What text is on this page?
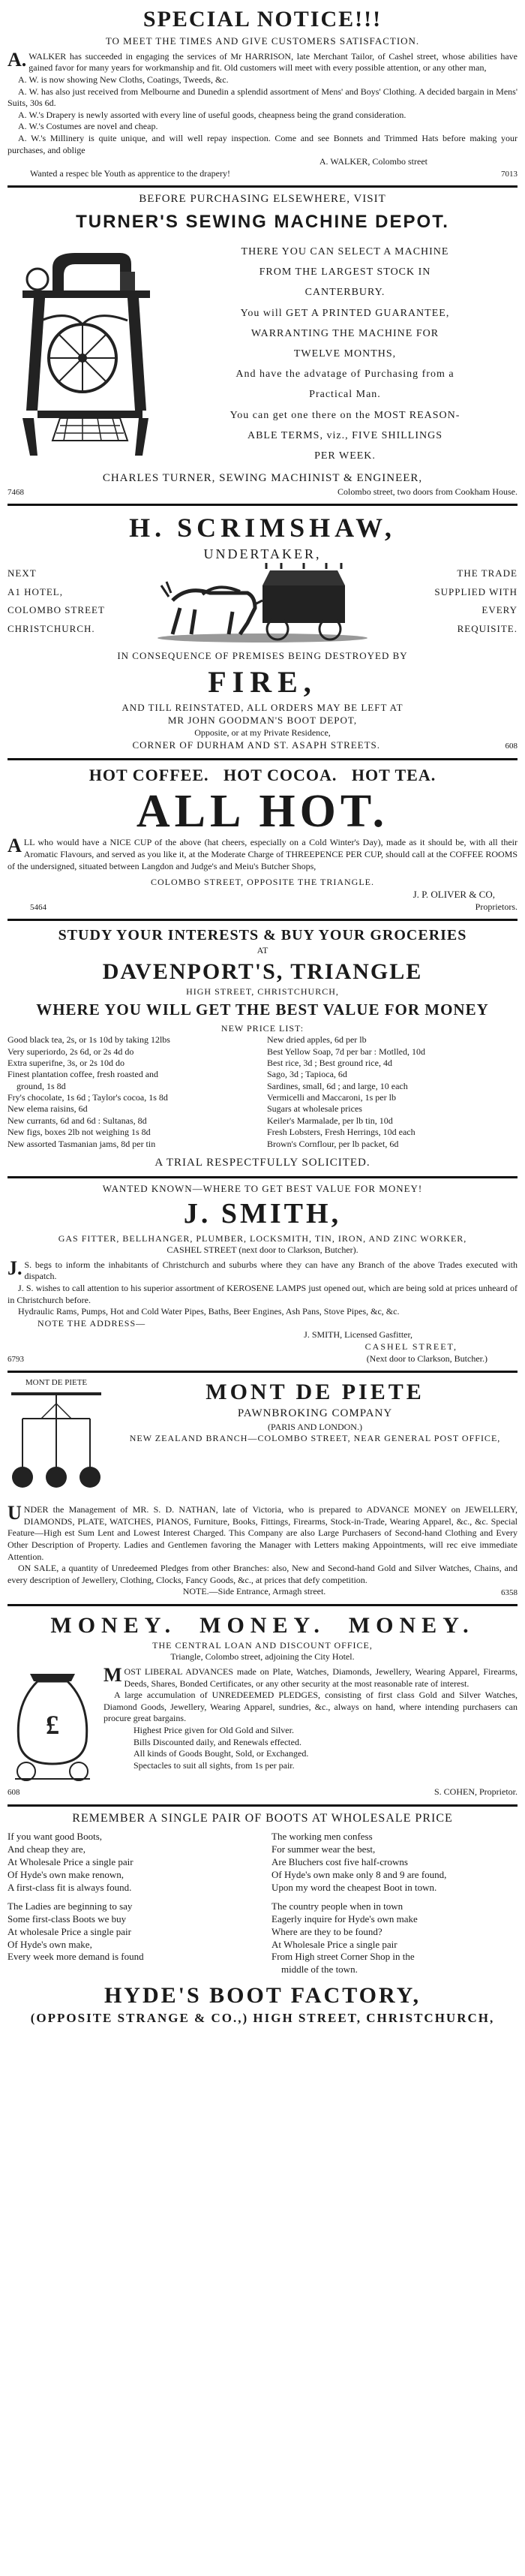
SPECIAL NOTICE!!!
TO MEET THE TIMES AND GIVE CUSTOMERS SATISFACTION.

A.WALKER has succeeded in engaging the services of Mr HARRISON, late Merchant Tailor, of Cashel street, whose abilities have gained favor for many years for workmanship and fit. Old customers will meet with every possible attention, or any other man,

A. W. is now showing New Cloths, Coatings, Tweeds, &c.

A. W. has also just received from Melbourne and Dunedin a splendid assortment of Mens' and Boys' Clothing. A decided bargain in Mens' Suits, 30s 6d.

A. W.'s Drapery is newly assorted with every line of useful goods, cheapness being the grand consideration.

A. W.'s Costumes are novel and cheap.

A. W.'s Millinery is quite unique, and will well repay inspection. Come and see Bonnets and Trimmed Hats before making your purchases, and oblige

A. WALKER, Colombo street
Wanted a respec ble Youth as apprentice to the drapery!	7013
BEFORE PURCHASING ELSEWHERE, VISIT
TURNER'S SEWING MACHINE DEPOT.
THERE YOU CAN SELECT A MACHINE
FROM THE LARGEST STOCK IN
CANTERBURY.
You will GET A PRINTED GUARANTEE,
WARRANTING THE MACHINE FOR
TWELVE MONTHS,
And have the advatage of Purchasing from a
Practical Man.
You can get one there on the MOST REASON-
ABLE TERMS, viz., FIVE SHILLINGS
PER WEEK.
CHARLES TURNER, SEWING MACHINIST & ENGINEER,
7468	Colombo street, two doors from Cookham House.
H. SCRIMSHAW,
UNDERTAKER,
NEXT
A1 HOTEL,
COLOMBO STREET
CHRISTCHURCH.
THE TRADE
SUPPLIED WITH
EVERY
REQUISITE.
IN CONSEQUENCE OF PREMISES BEING DESTROYED BY
FIRE,
AND TILL REINSTATED, ALL ORDERS MAY BE LEFT AT
MR JOHN GOODMAN'S BOOT DEPOT,
Opposite, or at my Private Residence,
CORNER OF DURHAM AND ST. ASAPH STREETS.	608
HOT COFFEE.   HOT COCOA.   HOT TEA.
ALL HOT.

ALL who would have a NICE CUP of the above (hat cheers, especially on a Cold Winter's Day), made as it should be, with all their Aromatic Flavours, and served as you like it, at the Moderate Charge of THREEPENCE PER CUP, should call at the COFFEE ROOMS of the undersigned, situated between Langdon and Judge's and Meiu's Butcher Shops,

COLOMBO STREET, OPPOSITE THE TRIANGLE.
J. P. OLIVER & CO,
5464	Proprietors.
STUDY YOUR INTERESTS & BUY YOUR GROCERIES
AT
DAVENPORT'S, TRIANGLE
HIGH STREET, CHRISTCHURCH,
WHERE YOU WILL GET THE BEST VALUE FOR MONEY
NEW PRICE LIST:
Good black tea, 2s, or 1s 10d by taking 12lbs
Very superiordo, 2s 6d, or 2s 4d do
Extra superifne, 3s, or 2s 10d do
Finest plantation coffee, fresh roasted and
ground, 1s 8d
Fry's chocolate, 1s 6d ; Taylor's cocoa, 1s 8d
New elema raisins, 6d
New currants, 6d and 6d : Sultanas, 8d
New figs, boxes 2lb not weighing 1s 8d
New assorted Tasmanian jams, 8d per tin
New dried apples, 6d per lb
Best Yellow Soap, 7d per bar : Motlled, 10d
Best rice, 3d ; Best ground rice, 4d
Sago, 3d ; Tapioca, 6d
Sardines, small, 6d ; and large, 10 each
Vermicelli and Maccaroni, 1s per lb
Sugars at wholesale prices
Keiler's Marmalade, per lb tin, 10d
Fresh Lobsters, Fresh Herrings, 10d each
Brown's Cornflour, per lb packet, 6d
A TRIAL RESPECTFULLY SOLICITED.
WANTED KNOWN—WHERE TO GET BEST VALUE FOR MONEY!
J. SMITH,
GAS FITTER, BELLHANGER, PLUMBER, LOCKSMITH, TIN, IRON, AND ZINC WORKER,
CASHEL STREET (next door to Clarkson, Butcher).

J.S. begs to inform the inhabitants of Christchurch and suburbs where they can have any Branch of the above Trades executed with dispatch.

J. S. wishes to call attention to his superior assortment of KEROSENE LAMPS just opened out, which are being sold at prices unheard of in Christchurch before.

Hydraulic Rams, Pumps, Hot and Cold Water Pipes, Baths, Beer Engines, Ash Pans, Stove Pipes, &c, &c.

NOTE THE ADDRESS—
J. SMITH, Licensed Gasfitter,
CASHEL STREET,
6793	(Next door to Clarkson, Butcher.)
MONT DE PIETE	MONT DE PIETE
PAWNBROKING COMPANY
(PARIS AND LONDON.)
NEW ZEALAND BRANCH—COLOMBO STREET, NEAR GENERAL POST OFFICE,

UNDER the Management of MR. S. D. NATHAN, late of Victoria, who is prepared to ADVANCE MONEY on JEWELLERY, DIAMONDS, PLATE, WATCHES, PIANOS, Furniture, Books, Fittings, Firearms, Stock-in-Trade, Wearing Apparel, &c., &c. Special Feature—High est Sum Lent and Lowest Interest Charged. This Company are also Large Purchasers of Second-hand Clothing and Every Other Description of Property. Ladies and Gentlemen favoring the Manager with Letters making Appointments, will rec eive immediate Attention.

ON SALE, a quantity of Unredeemed Pledges from other Branches: also, New and Second-hand Gold and Silver Watches, Chains, and every description of Jewellery, Clothing, Clocks, Fancy Goods, &c., at prices that defy competition.

NOTE.—Side Entrance, Armagh street.	6358
MONEY.  MONEY.  MONEY.
THE CENTRAL LOAN AND DISCOUNT OFFICE,
Triangle, Colombo street, adjoining the City Hotel.
£

MOST LIBERAL ADVANCES made on Plate, Watches, Diamonds, Jewellery, Wearing Apparel, Firearms, Deeds, Shares, Bonded Certificates, or any other security at the most reasonable rate of interest.

A large accumulation of UNREDEEMED PLEDGES, consisting of first class Gold and Silver Watches, Diamond Goods, Jewellery, Wearing Apparel, sundries, &c., always on hand, where intending purchasers can procure great bargains.

Highest Price given for Old Gold and Silver.
Bills Discounted daily, and Renewals effected.
All kinds of Goods Bought, Sold, or Exchanged.
Spectacles to suit all sights, from 1s per pair.
608	S. COHEN, Proprietor.
REMEMBER A SINGLE PAIR OF BOOTS AT WHOLESALE PRICE
If you want good Boots,
And cheap they are,
At Wholesale Price a single pair
Of Hyde's own make renown,
A first-class fit is always found.
The Ladies are beginning to say
Some first-class Boots we buy
At wholesale Price a single pair
Of Hyde's own make,
Every week more demand is found
The working men confess
For summer wear the best,
Are Bluchers cost five half-crowns
Of Hyde's own make only 8 and 9 are found,
Upon my word the cheapest Boot in town.
The country people when in town
Eagerly inquire for Hyde's own make
Where are they to be found?
At Wholesale Price a single pair
From High street Corner Shop in the
middle of the town.
HYDE'S BOOT FACTORY,
(OPPOSITE STRANGE & CO.,) HIGH STREET, CHRISTCHURCH,
